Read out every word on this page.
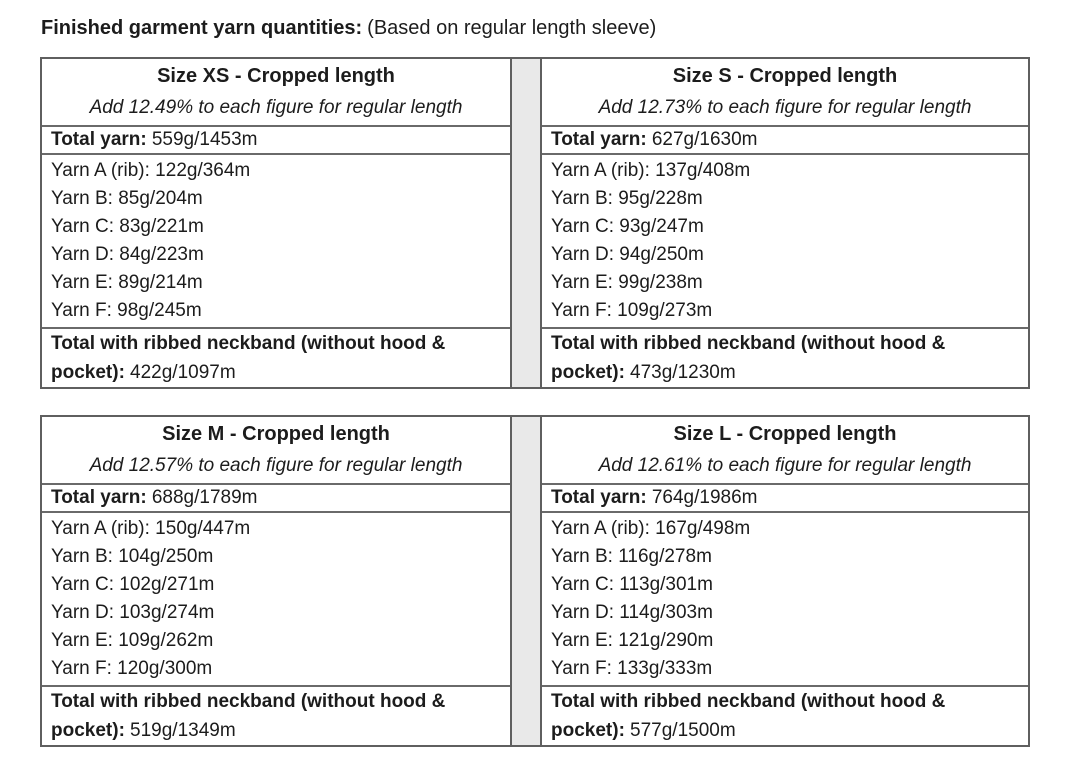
Finished garment yarn quantities: (Based on regular length sleeve)
Size XS - Cropped length
Add 12.49% to each figure for regular length
Total yarn: 559g/1453m
Yarn A (rib): 122g/364m
Yarn B: 85g/204m
Yarn C: 83g/221m
Yarn D: 84g/223m
Yarn E: 89g/214m
Yarn F: 98g/245m
Total with ribbed neckband (without hood & pocket): 422g/1097m
Size S - Cropped length
Add 12.73% to each figure for regular length
Total yarn: 627g/1630m
Yarn A (rib): 137g/408m
Yarn B: 95g/228m
Yarn C: 93g/247m
Yarn D: 94g/250m
Yarn E: 99g/238m
Yarn F: 109g/273m
Total with ribbed neckband (without hood & pocket): 473g/1230m
Size M - Cropped length
Add 12.57% to each figure for regular length
Total yarn: 688g/1789m
Yarn A (rib): 150g/447m
Yarn B: 104g/250m
Yarn C: 102g/271m
Yarn D: 103g/274m
Yarn E: 109g/262m
Yarn F: 120g/300m
Total with ribbed neckband (without hood & pocket): 519g/1349m
Size L - Cropped length
Add 12.61% to each figure for regular length
Total yarn: 764g/1986m
Yarn A (rib): 167g/498m
Yarn B: 116g/278m
Yarn C: 113g/301m
Yarn D: 114g/303m
Yarn E: 121g/290m
Yarn F: 133g/333m
Total with ribbed neckband (without hood & pocket): 577g/1500m
